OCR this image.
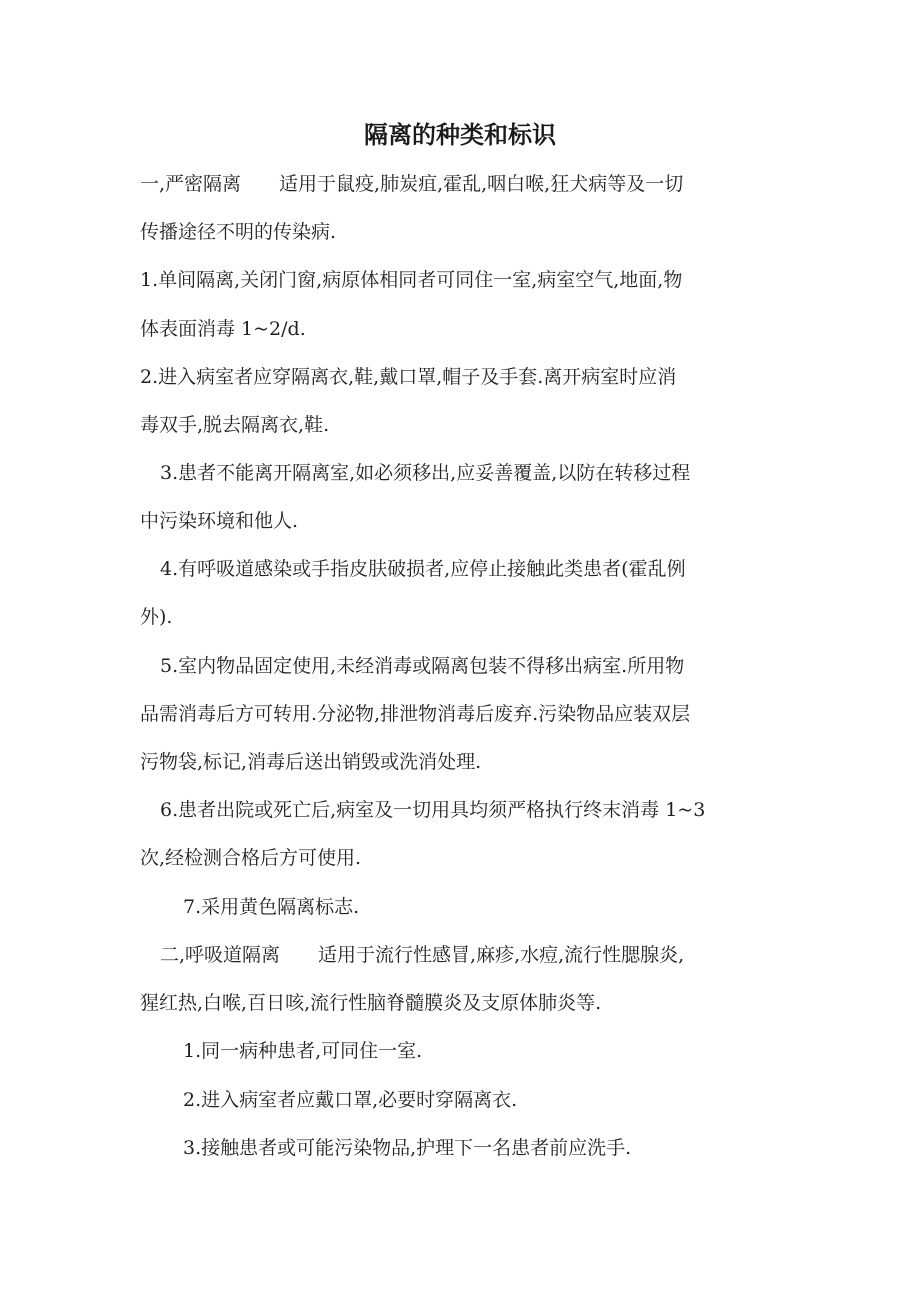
隔离的种类和标识
一,严密隔离　　适用于鼠疫,肺炭疽,霍乱,咽白喉,狂犬病等及一切
传播途径不明的传染病.
1.单间隔离,关闭门窗,病原体相同者可同住一室,病室空气,地面,物
体表面消毒 1~2/d.
2.进入病室者应穿隔离衣,鞋,戴口罩,帽子及手套.离开病室时应消
毒双手,脱去隔离衣,鞋.
3.患者不能离开隔离室,如必须移出,应妥善覆盖,以防在转移过程
中污染环境和他人.
4.有呼吸道感染或手指皮肤破损者,应停止接触此类患者(霍乱例
外).
5.室内物品固定使用,未经消毒或隔离包装不得移出病室.所用物
品需消毒后方可转用.分泌物,排泄物消毒后废弃.污染物品应装双层
污物袋,标记,消毒后送出销毁或洗消处理.
6.患者出院或死亡后,病室及一切用具均须严格执行终末消毒 1~3
次,经检测合格后方可使用.
7.采用黄色隔离标志.
二,呼吸道隔离　　适用于流行性感冒,麻疹,水痘,流行性腮腺炎,
猩红热,白喉,百日咳,流行性脑脊髓膜炎及支原体肺炎等.
1.同一病种患者,可同住一室.
2.进入病室者应戴口罩,必要时穿隔离衣.
3.接触患者或可能污染物品,护理下一名患者前应洗手.
